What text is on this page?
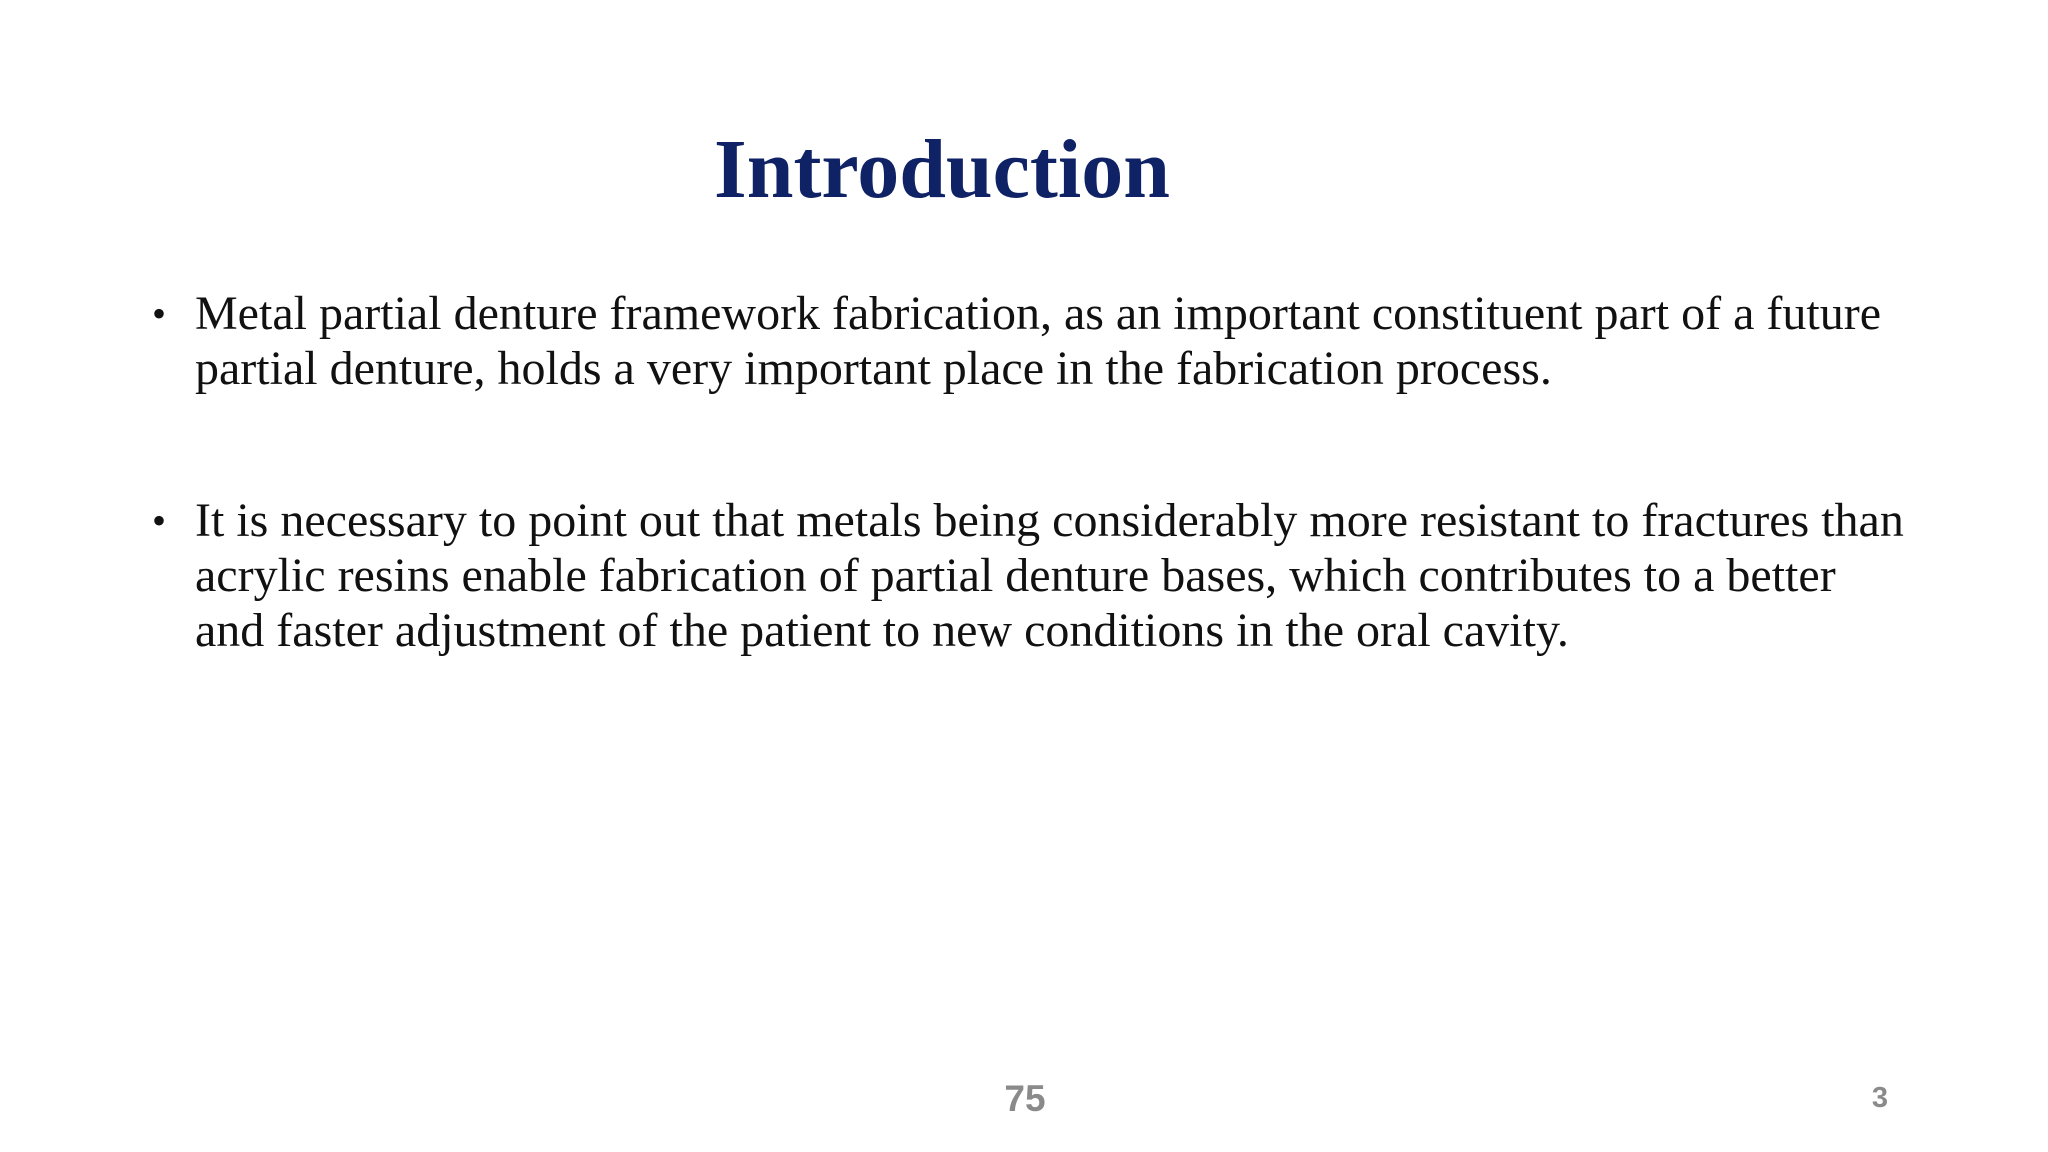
Introduction
• Metal partial denture framework fabrication, as an important constituent part of a future partial denture, holds a very important place in the fabrication process.
• It is necessary to point out that metals being considerably more resistant to fractures than acrylic resins enable fabrication of partial denture bases, which contributes to a better and faster adjustment of the patient to new conditions in the oral cavity.
75	3
